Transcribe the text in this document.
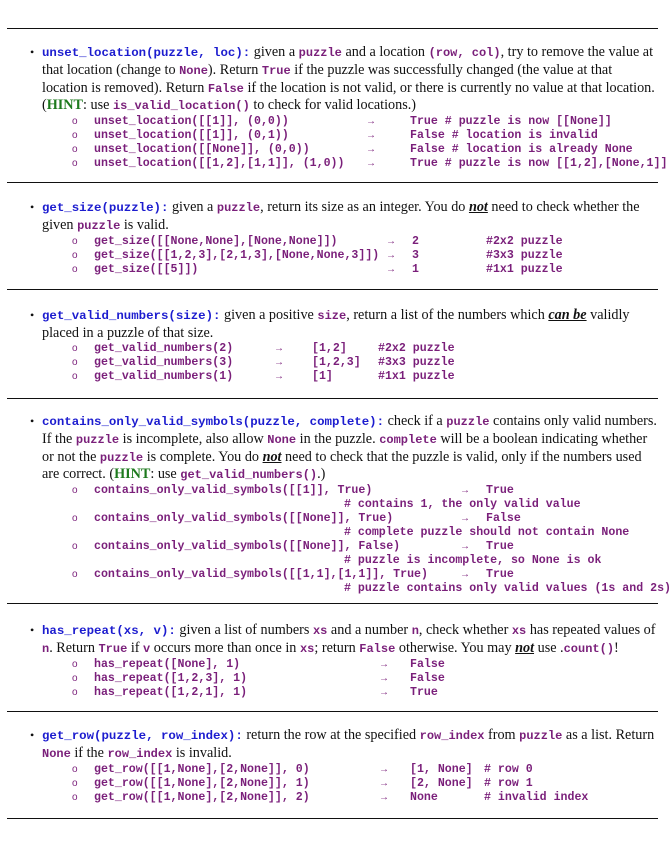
• unset_location(puzzle, loc): given a puzzle and a location (row, col), try to remove the value at that location (change to None). Return True if the puzzle was successfully changed (the value at that location is removed). Return False if the location is not valid, or there is currently no value at that location. (HINT: use is_valid_location() to check for valid locations.)
o unset_location([[1]], (0,0))	→	True # puzzle is now [[None]]
o unset_location([[1]], (0,1))	→	False # location is invalid
o unset_location([[None]], (0,0))	→	False # location is already None
o unset_location([[1,2],[1,1]], (1,0)) →	True # puzzle is now [[1,2],[None,1]]
• get_size(puzzle): given a puzzle, return its size as an integer. You do not need to check whether the given puzzle is valid.
o get_size([[None,None],[None,None]])	→ 2	#2x2 puzzle
o get_size([[1,2,3],[2,1,3],[None,None,3]]) → 3	#3x3 puzzle
o get_size([[5]])	→ 1	#1x1 puzzle
• get_valid_numbers(size): given a positive size, return a list of the numbers which can be validly placed in a puzzle of that size.
o get_valid_numbers(2)	→ [1,2]	#2x2 puzzle
o get_valid_numbers(3)	→ [1,2,3] #3x3 puzzle
o get_valid_numbers(1)	→ [1]	#1x1 puzzle
• contains_only_valid_symbols(puzzle, complete): check if a puzzle contains only valid numbers. If the puzzle is incomplete, also allow None in the puzzle. complete will be a boolean indicating whether or not the puzzle is complete. You do not need to check that the puzzle is valid, only if the numbers used are correct. (HINT: use get_valid_numbers().)
o contains_only_valid_symbols([[1]], True)	→ True
# contains 1, the only valid value
o contains_only_valid_symbols([[None]], True)	→ False
# complete puzzle should not contain None
o contains_only_valid_symbols([[None]], False)	→ True
# puzzle is incomplete, so None is ok
o contains_only_valid_symbols([[1,1],[1,1]], True)	→ True
# puzzle contains only valid values (1s and 2s)
• has_repeat(xs, v): given a list of numbers xs and a number n, check whether xs has repeated values of n. Return True if v occurs more than once in xs; return False otherwise. You may not use .count()!
o has_repeat([None], 1)	→ False
o has_repeat([1,2,3], 1)	→ False
o has_repeat([1,2,1], 1)	→ True
• get_row(puzzle, row_index): return the row at the specified row_index from puzzle as a list. Return None if the row_index is invalid.
o get_row([[1,None],[2,None]], 0)	→ [1, None] # row 0
o get_row([[1,None],[2,None]], 1)	→ [2, None] # row 1
o get_row([[1,None],[2,None]], 2)	→ None	# invalid index
